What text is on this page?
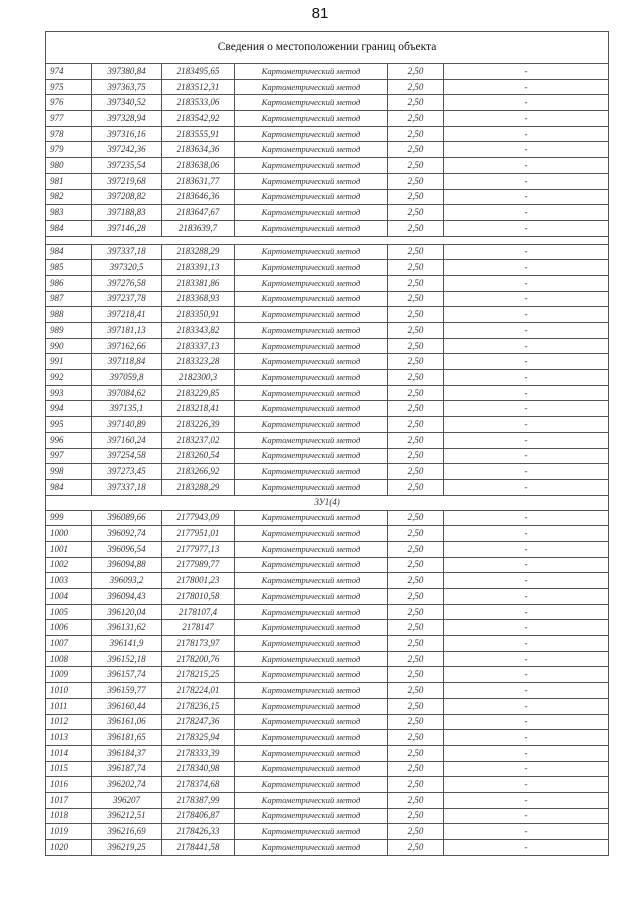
81
Сведения о местоположении границ объекта					
974	397380,84	2183495,65	Картометрический метод	2,50	-
975	397363,75	2183512,31	Картометрический метод	2,50	-
976	397340,52	2183533,06	Картометрический метод	2,50	-
977	397328,94	2183542,92	Картометрический метод	2,50	-
978	397316,16	2183555,91	Картометрический метод	2,50	-
979	397242,36	2183634,36	Картометрический метод	2,50	-
980	397235,54	2183638,06	Картометрический метод	2,50	-
981	397219,68	2183631,77	Картометрический метод	2,50	-
982	397208,82	2183646,36	Картометрический метод	2,50	-
983	397188,83	2183647,67	Картометрический метод	2,50	-
984	397146,28	2183639,7	Картометрический метод	2,50	-

984	397337,18	2183288,29	Картометрический метод	2,50	-
985	397320,5	2183391,13	Картометрический метод	2,50	-
986	397276,58	2183381,86	Картометрический метод	2,50	-
987	397237,78	2183368,93	Картометрический метод	2,50	-
988	397218,41	2183350,91	Картометрический метод	2,50	-
989	397181,13	2183343,82	Картометрический метод	2,50	-
990	397162,66	2183337,13	Картометрический метод	2,50	-
991	397118,84	2183323,28	Картометрический метод	2,50	-
992	397059,8	2182300,3	Картометрический метод	2,50	-
993	397084,62	2183229,85	Картометрический метод	2,50	-
994	397135,1	2183218,41	Картометрический метод	2,50	-
995	397140,89	2183226,39	Картометрический метод	2,50	-
996	397160,24	2183237,02	Картометрический метод	2,50	-
997	397254,58	2183260,54	Картометрический метод	2,50	-
998	397273,45	2183266,92	Картометрический метод	2,50	-
984	397337,18	2183288,29	Картометрический метод	2,50	-
ЗУ1(4)					
999	396089,66	2177943,09	Картометрический метод	2,50	-
1000	396092,74	2177951,01	Картометрический метод	2,50	-
1001	396096,54	2177977,13	Картометрический метод	2,50	-
1002	396094,88	2177989,77	Картометрический метод	2,50	-
1003	396093,2	2178001,23	Картометрический метод	2,50	-
1004	396094,43	2178010,58	Картометрический метод	2,50	-
1005	396120,04	2178107,4	Картометрический метод	2,50	-
1006	396131,62	2178147	Картометрический метод	2,50	-
1007	396141,9	2178173,97	Картометрический метод	2,50	-
1008	396152,18	2178200,76	Картометрический метод	2,50	-
1009	396157,74	2178215,25	Картометрический метод	2,50	-
1010	396159,77	2178224,01	Картометрический метод	2,50	-
1011	396160,44	2178236,15	Картометрический метод	2,50	-
1012	396161,06	2178247,36	Картометрический метод	2,50	-
1013	396181,65	2178325,94	Картометрический метод	2,50	-
1014	396184,37	2178333,39	Картометрический метод	2,50	-
1015	396187,74	2178340,98	Картометрический метод	2,50	-
1016	396202,74	2178374,68	Картометрический метод	2,50	-
1017	396207	2178387,99	Картометрический метод	2,50	-
1018	396212,51	2178406,87	Картометрический метод	2,50	-
1019	396216,69	2178426,33	Картометрический метод	2,50	-
1020	396219,25	2178441,58	Картометрический метод	2,50	-
